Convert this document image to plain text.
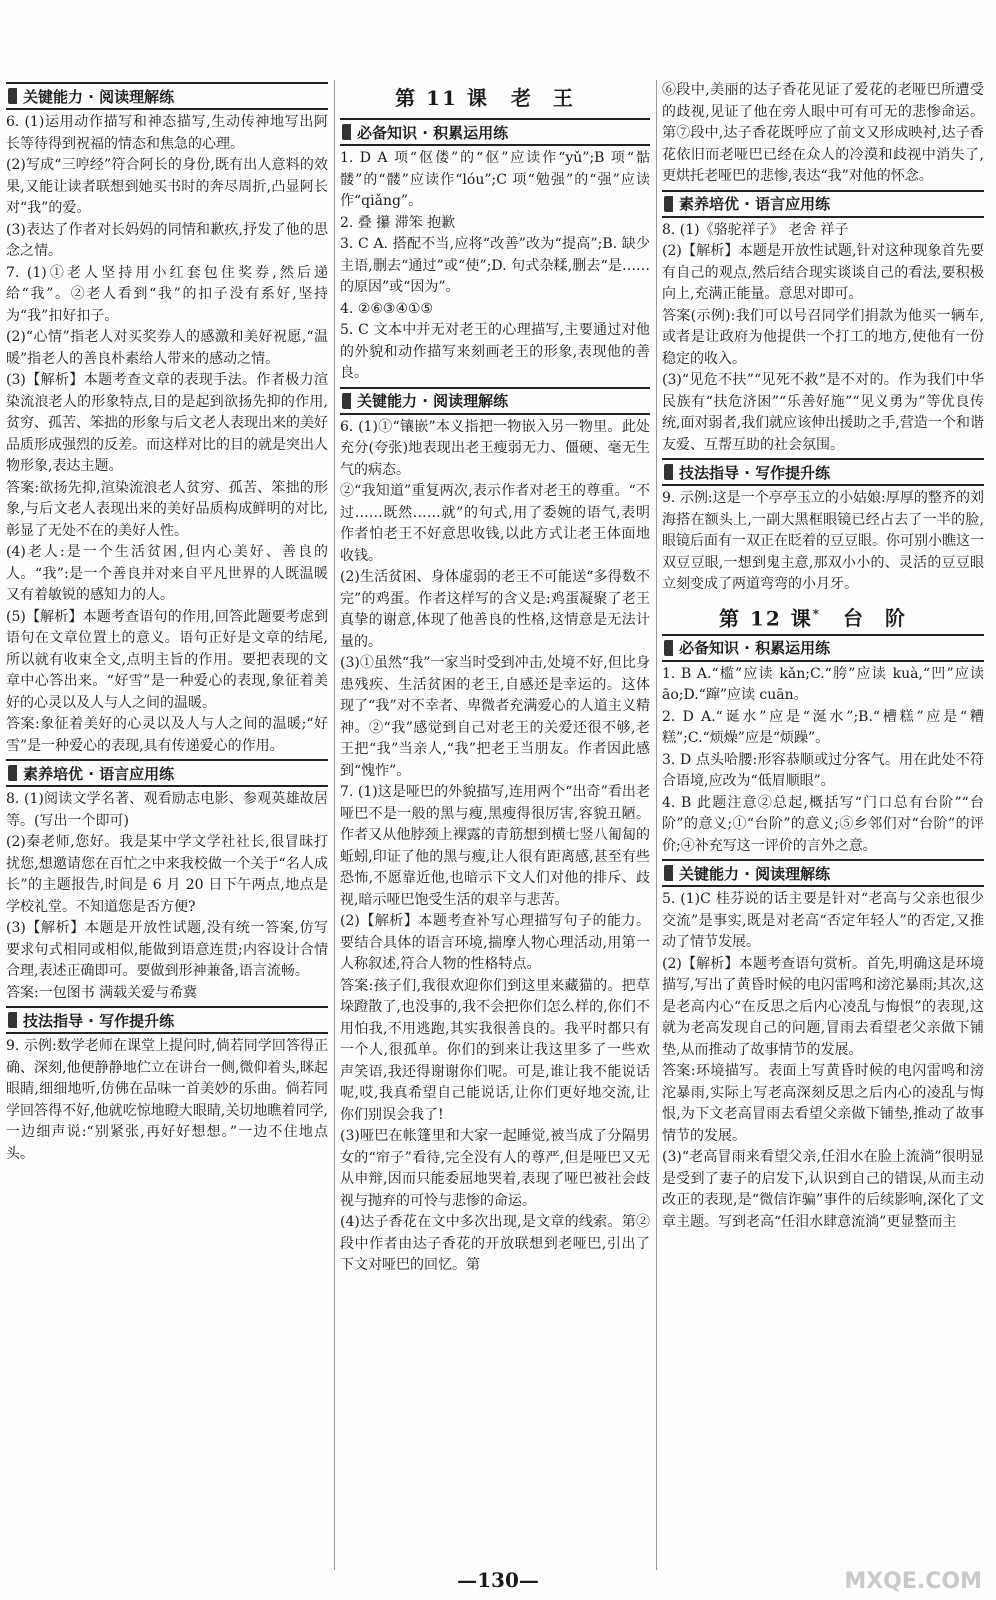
关键能力 · 阅读理解练

6. (1)运用动作描写和神态描写,生动传神地写出阿长等待得到祝福的情态和焦急的心理。

(2)写成“三哼经”符合阿长的身份,既有出人意料的效果,又能让读者联想到她买书时的奔尽周折,凸显阿长对“我”的爱。

(3)表达了作者对长妈妈的同情和歉疚,抒发了他的思念之情。

7. (1)①老人坚持用小红套包住奖券,然后递给“我”。②老人看到“我”的扣子没有系好,坚持为“我”扣好扣子。

(2)“心情”指老人对买奖券人的感激和美好祝愿,“温暖”指老人的善良朴素给人带来的感动之情。

(3)【解析】本题考查文章的表现手法。作者极力渲染流浪老人的形象特点,目的是起到欲扬先抑的作用,贫穷、孤苦、笨拙的形象与后文老人表现出来的美好品质形成强烈的反差。而这样对比的目的就是突出人物形象,表达主题。

答案:欲扬先抑,渲染流浪老人贫穷、孤苦、笨拙的形象,与后文老人表现出来的美好品质构成鲜明的对比,彰显了无处不在的美好人性。

(4)老人:是一个生活贫困,但内心美好、善良的人。“我”:是一个善良并对来自平凡世界的人既温暖又有着敏锐的感知力的人。

(5)【解析】本题考查语句的作用,回答此题要考虑到语句在文章位置上的意义。语句正好是文章的结尾,所以就有收束全文,点明主旨的作用。要把表现的文章中心答出来。“好雪”是一种爱心的表现,象征着美好的心灵以及人与人之间的温暖。

答案:象征着美好的心灵以及人与人之间的温暖;“好雪”是一种爱心的表现,具有传递爱心的作用。

素养培优 · 语言应用练

8. (1)阅读文学名著、观看励志电影、参观英雄故居等。(写出一个即可)

(2)秦老师,您好。我是某中学文学社社长,很冒昧打扰您,想邀请您在百忙之中来我校做一个关于“名人成长”的主题报告,时间是 6 月 20 日下午两点,地点是学校礼堂。不知道您是否方便?

(3)【解析】本题是开放性试题,没有统一答案,仿写要求句式相同或相似,能做到语意连贯;内容设计合情合理,表述正确即可。要做到形神兼备,语言流畅。

答案:一包图书 满载关爱与希冀

技法指导 · 写作提升练

9. 示例:数学老师在课堂上提问时,倘若同学回答得正确、深刻,他便静静地伫立在讲台一侧,微仰着头,眯起眼睛,细细地听,仿佛在品味一首美妙的乐曲。倘若同学回答得不好,他就吃惊地瞪大眼睛,关切地瞧着同学,一边细声说:“别紧张,再好好想想。”一边不住地点头。

第 11 课 老王
必备知识 · 积累运用练

1. D A 项“伛偻”的“伛”应读作“yǔ”;B 项“骷髅”的“髅”应读作“lóu”;C 项“勉强”的“强”应读作“qiǎng”。

2. 叠 攥 滞笨 抱歉

3. C A. 搭配不当,应将“改善”改为“提高”;B. 缺少主语,删去“通过”或“使”;D. 句式杂糅,删去“是……的原因”或“因为”。

4. ②⑥③④①⑤

5. C 文本中并无对老王的心理描写,主要通过对他的外貌和动作描写来刻画老王的形象,表现他的善良。

关键能力 · 阅读理解练

6. (1)①“镶嵌”本义指把一物嵌入另一物里。此处充分(夸张)地表现出老王瘦弱无力、僵硬、毫无生气的病态。

②“我知道”重复两次,表示作者对老王的尊重。“不过……既然……就”的句式,用了委婉的语气,表明作者怕老王不好意思收钱,以此方式让老王体面地收钱。

(2)生活贫困、身体虚弱的老王不可能送“多得数不完”的鸡蛋。作者这样写的含义是:鸡蛋凝聚了老王真挚的谢意,体现了他善良的性格,这情意是无法计量的。

(3)①虽然“我”一家当时受到冲击,处境不好,但比身患残疾、生活贫困的老王,自感还是幸运的。这体现了“我”对不幸者、卑微者充满爱心的人道主义精神。②“我”感觉到自己对老王的关爱还很不够,老王把“我”当亲人,“我”把老王当朋友。作者因此感到“愧怍”。

7. (1)这是哑巴的外貌描写,连用两个“出奇”看出老哑巴不是一般的黑与瘦,黑瘦得很厉害,容貌丑陋。作者又从他脖颈上裸露的青筋想到横七竖八匍匐的蚯蚓,印证了他的黑与瘦,让人很有距离感,甚至有些恐怖,不愿靠近他,也暗示下文人们对他的排斥、歧视,暗示哑巴饱受生活的艰辛与悲苦。

(2)【解析】本题考查补写心理描写句子的能力。要结合具体的语言环境,揣摩人物心理活动,用第一人称叙述,符合人物的性格特点。

答案:孩子们,我很欢迎你们到这里来藏猫的。把草垛蹬散了,也没事的,我不会把你们怎么样的,你们不用怕我,不用逃跑,其实我很善良的。我平时都只有一个人,很孤单。你们的到来让我这里多了一些欢声笑语,我还得谢谢你们呢。可是,谁让我不能说话呢,哎,我真希望自己能说话,让你们更好地交流,让你们别误会我了!

(3)哑巴在帐篷里和大家一起睡觉,被当成了分隔男女的“帘子”看待,完全没有人的尊严,但是哑巴又无从申辩,因而只能委屈地哭着,表现了哑巴被社会歧视与抛弃的可怜与悲惨的命运。

(4)达子香花在文中多次出现,是文章的线索。第②段中作者由达子香花的开放联想到老哑巴,引出了下文对哑巴的回忆。第

⑥段中,美丽的达子香花见证了爱花的老哑巴所遭受的歧视,见证了他在旁人眼中可有可无的悲惨命运。第⑦段中,达子香花既呼应了前文又形成映衬,达子香花依旧而老哑巴已经在众人的冷漠和歧视中消失了,更烘托老哑巴的悲惨,表达“我”对他的怀念。

素养培优 · 语言应用练

8. (1)《骆驼祥子》 老舍 祥子

(2)【解析】本题是开放性试题,针对这种现象首先要有自己的观点,然后结合现实谈谈自己的看法,要积极向上,充满正能量。意思对即可。

答案(示例):我们可以号召同学们捐款为他买一辆车,或者是让政府为他提供一个打工的地方,使他有一份稳定的收入。

(3)“见危不扶”“见死不救”是不对的。作为我们中华民族有“扶危济困”“乐善好施”“见义勇为”等优良传统,面对弱者,我们就应该伸出援助之手,营造一个和谐友爱、互帮互助的社会氛围。

技法指导 · 写作提升练

9. 示例:这是一个亭亭玉立的小姑娘:厚厚的整齐的刘海搭在额头上,一副大黑框眼镜已经占去了一半的脸,眼镜后面有一双正在眨着的豆豆眼。你可别小瞧这一双豆豆眼,一想到鬼主意,那双小小的、灵活的豆豆眼立刻变成了两道弯弯的小月牙。

第 12 课* 台阶
必备知识 · 积累运用练

1. B A.“槛”应读 kǎn;C.“胯”应读 kuà,“凹”应读 āo;D.“蹿”应读 cuān。

2. D A.“诞水”应是“涎水”;B.“槽糕”应是“糟糕”;C.“烦燥”应是“烦躁”。

3. D 点头哈腰:形容恭顺或过分客气。用在此处不符合语境,应改为“低眉顺眼”。

4. B 此题注意②总起,概括写“门口总有台阶”“台阶”的意义;①“台阶”的意义;⑤乡邻们对“台阶”的评价;④补充写这一评价的言外之意。

关键能力 · 阅读理解练

5. (1)C 桂芬说的话主要是针对“老高与父亲也很少交流”是事实,既是对老高“否定年轻人”的否定,又推动了情节发展。

(2)【解析】本题考查语句赏析。首先,明确这是环境描写,写出了黄昏时候的电闪雷鸣和滂沱暴雨;其次,这是老高内心“在反思之后内心凌乱与悔恨”的表现,这就为老高发现自己的问题,冒雨去看望老父亲做下铺垫,从而推动了故事情节的发展。

答案:环境描写。表面上写黄昏时候的电闪雷鸣和滂沱暴雨,实际上写老高深刻反思之后内心的凌乱与悔恨,为下文老高冒雨去看望父亲做下铺垫,推动了故事情节的发展。

(3)“老高冒雨来看望父亲,任泪水在脸上流淌”很明显是受到了妻子的启发下,认识到自己的错误,从而主动改正的表现,是“微信诈骗”事件的后续影响,深化了文章主题。写到老高“任泪水肆意流淌”更显整而主

—130—	MXQE.COM
